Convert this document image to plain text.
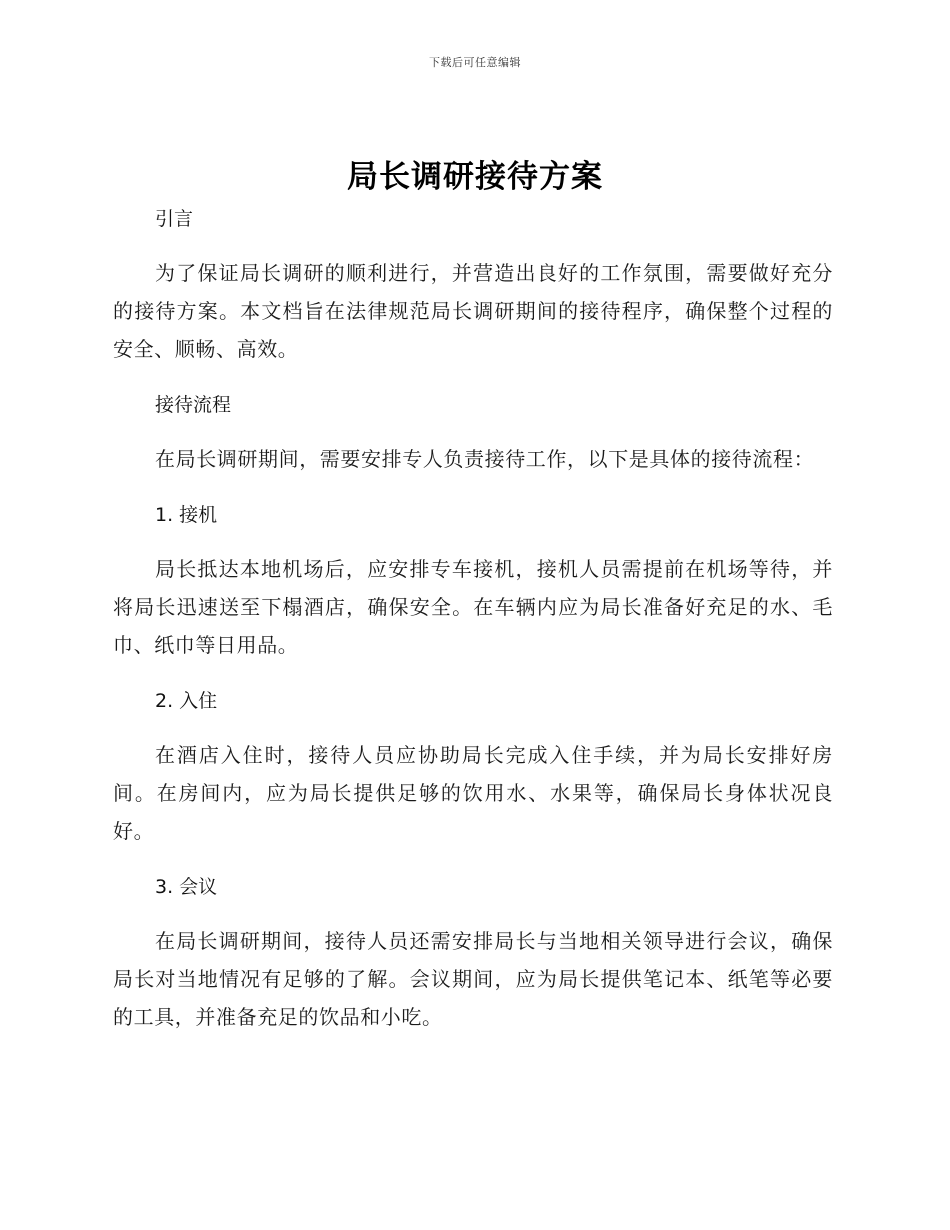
下载后可任意编辑
局长调研接待方案

引言

为了保证局长调研的顺利进行，并营造出良好的工作氛围，需要做好充分的接待方案。本文档旨在法律规范局长调研期间的接待程序，确保整个过程的安全、顺畅、高效。

接待流程

在局长调研期间，需要安排专人负责接待工作，以下是具体的接待流程：

1. 接机

局长抵达本地机场后，应安排专车接机，接机人员需提前在机场等待，并将局长迅速送至下榻酒店，确保安全。在车辆内应为局长准备好充足的水、毛巾、纸巾等日用品。

2. 入住

在酒店入住时，接待人员应协助局长完成入住手续，并为局长安排好房间。在房间内，应为局长提供足够的饮用水、水果等，确保局长身体状况良好。

3. 会议

在局长调研期间，接待人员还需安排局长与当地相关领导进行会议，确保局长对当地情况有足够的了解。会议期间，应为局长提供笔记本、纸笔等必要的工具，并准备充足的饮品和小吃。
